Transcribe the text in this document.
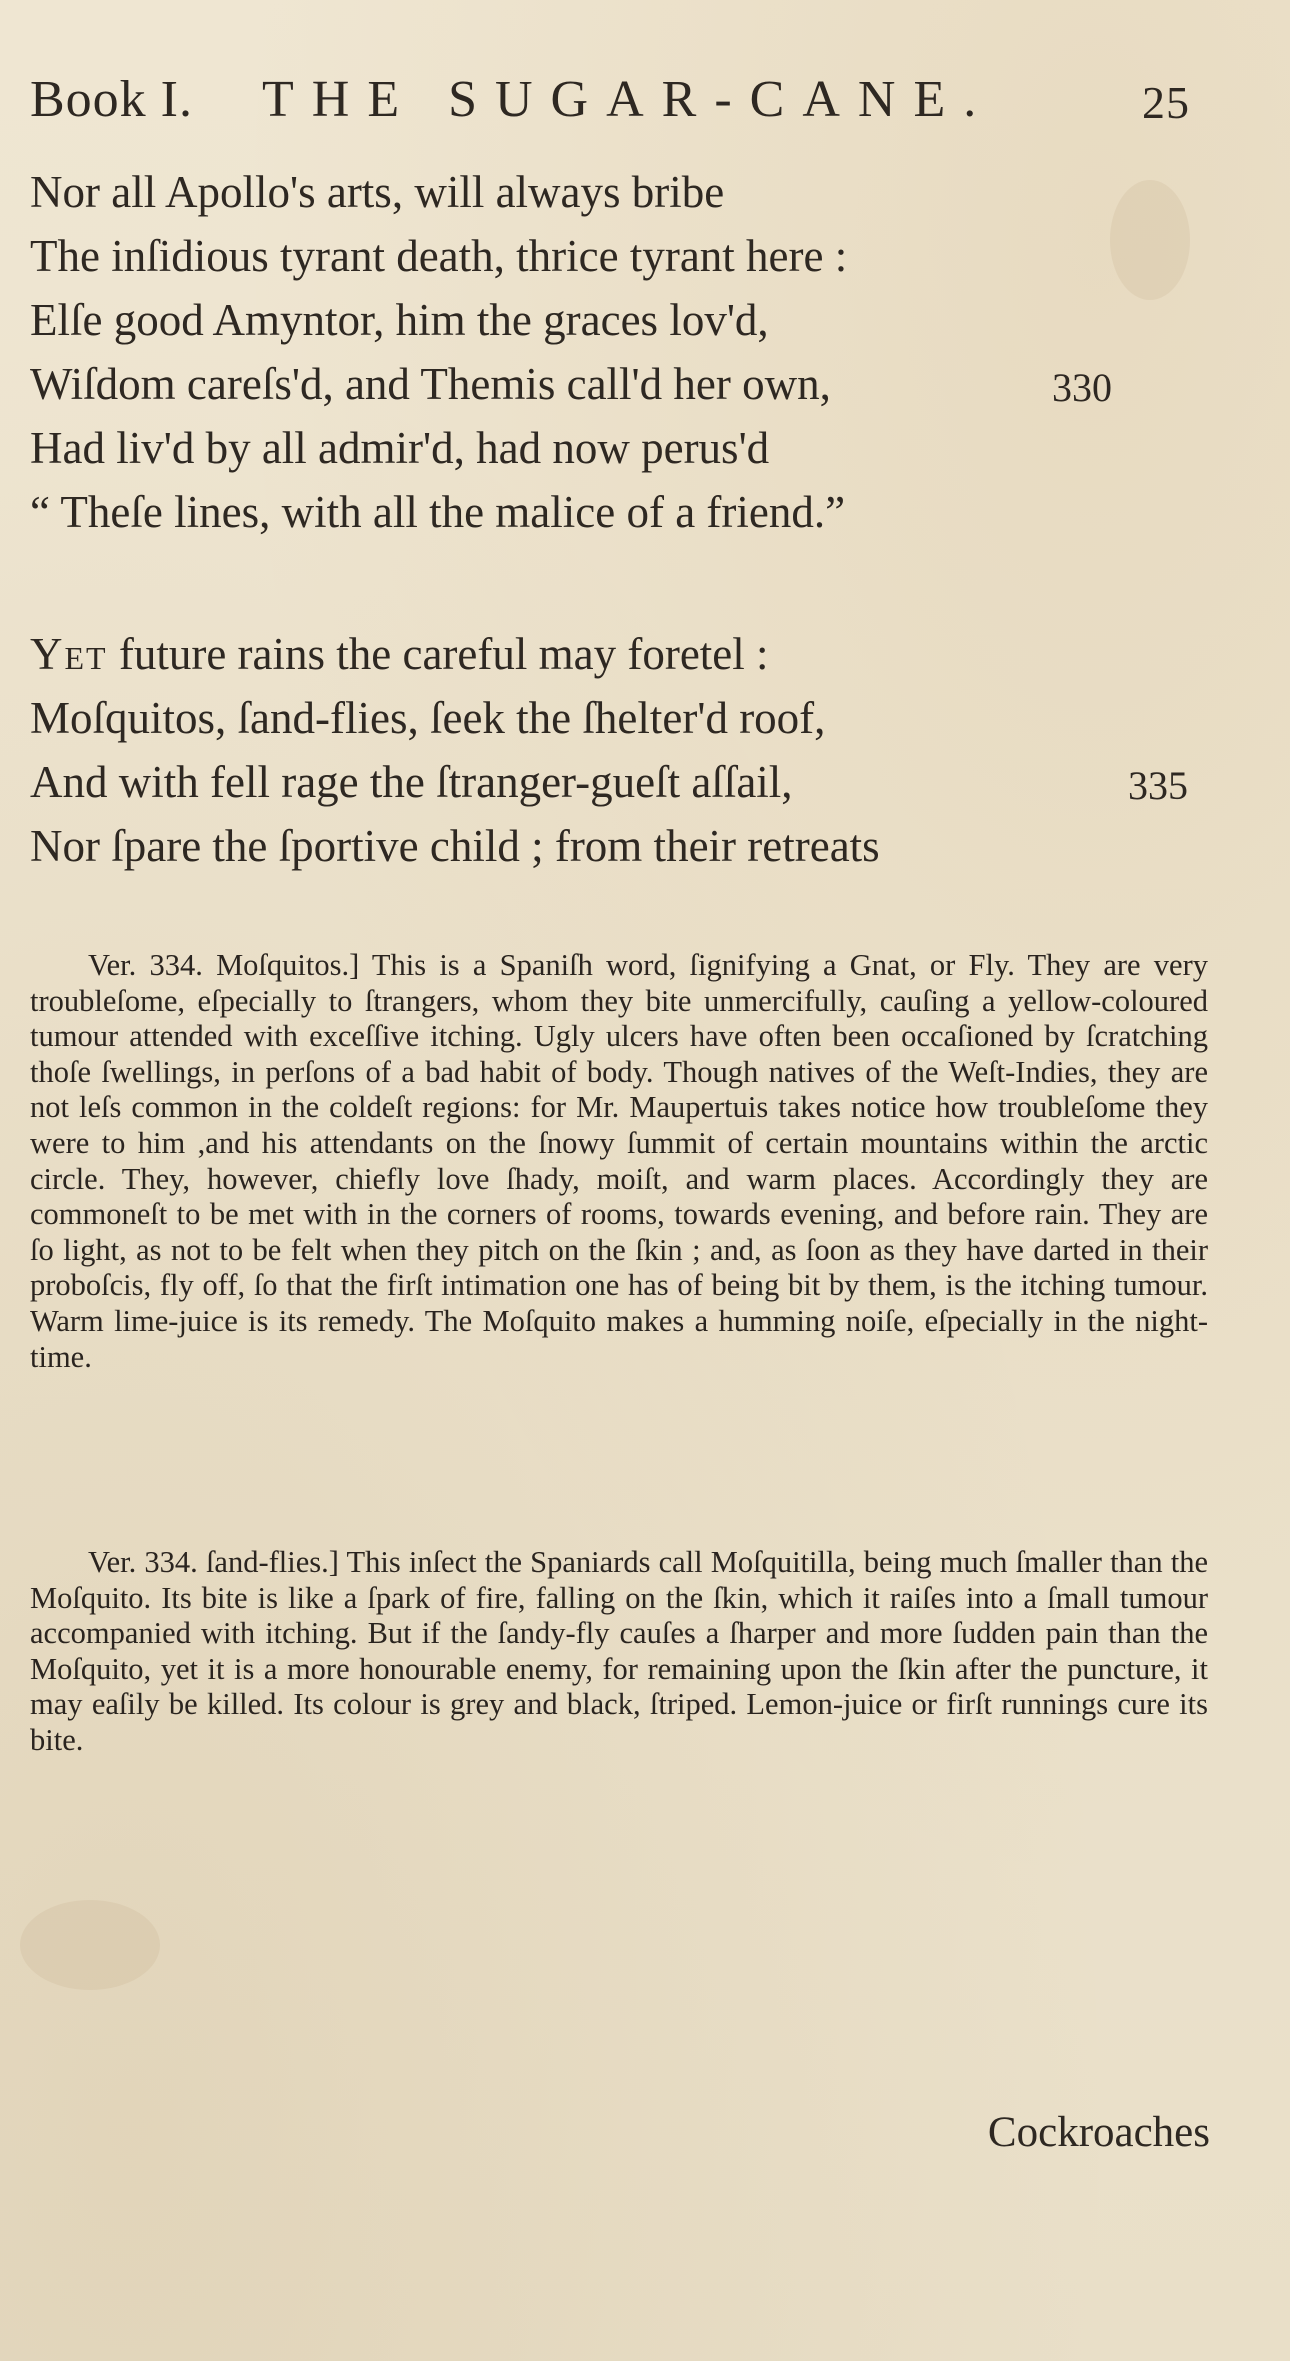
Book I. THE SUGAR-CANE.	25
Nor all Apollo's arts, will always bribe
The inſidious tyrant death, thrice tyrant here :
Elſe good Amyntor, him the graces lov'd,
Wiſdom careſs'd, and Themis call'd her own,	330
Had liv'd by all admir'd, had now perus'd
“ Theſe lines, with all the malice of a friend.”
Yet future rains the careful may foretel :
Moſquitos, ſand-flies, ſeek the ſhelter'd roof,
And with fell rage the ſtranger-gueſt aſſail,	335
Nor ſpare the ſportive child ; from their retreats
Ver. 334. Moſquitos.] This is a Spaniſh word, ſignifying a Gnat, or Fly. They are very troubleſome, eſpecially to ſtrangers, whom they bite unmercifully, cauſing a yellow-coloured tumour attended with exceſſive itching. Ugly ulcers have often been occaſioned by ſcratching thoſe ſwellings, in perſons of a bad habit of body. Though natives of the Weſt-Indies, they are not leſs common in the coldeſt regions: for Mr. Maupertuis takes notice how troubleſome they were to him ,and his attendants on the ſnowy ſummit of certain mountains within the arctic circle. They, however, chiefly love ſhady, moiſt, and warm places. Accordingly they are commoneſt to be met with in the corners of rooms, towards evening, and before rain. They are ſo light, as not to be felt when they pitch on the ſkin ; and, as ſoon as they have darted in their proboſcis, fly off, ſo that the firſt intimation one has of being bit by them, is the itching tumour. Warm lime-juice is its remedy. The Moſquito makes a humming noiſe, eſpecially in the night-time.
Ver. 334. ſand-flies.] This inſect the Spaniards call Moſquitilla, being much ſmaller than the Moſquito. Its bite is like a ſpark of fire, falling on the ſkin, which it raiſes into a ſmall tumour accompanied with itching. But if the ſandy-fly cauſes a ſharper and more ſudden pain than the Moſquito, yet it is a more honourable enemy, for remaining upon the ſkin after the puncture, it may eaſily be killed. Its colour is grey and black, ſtriped. Lemon-juice or firſt runnings cure its bite.
Cockroaches
